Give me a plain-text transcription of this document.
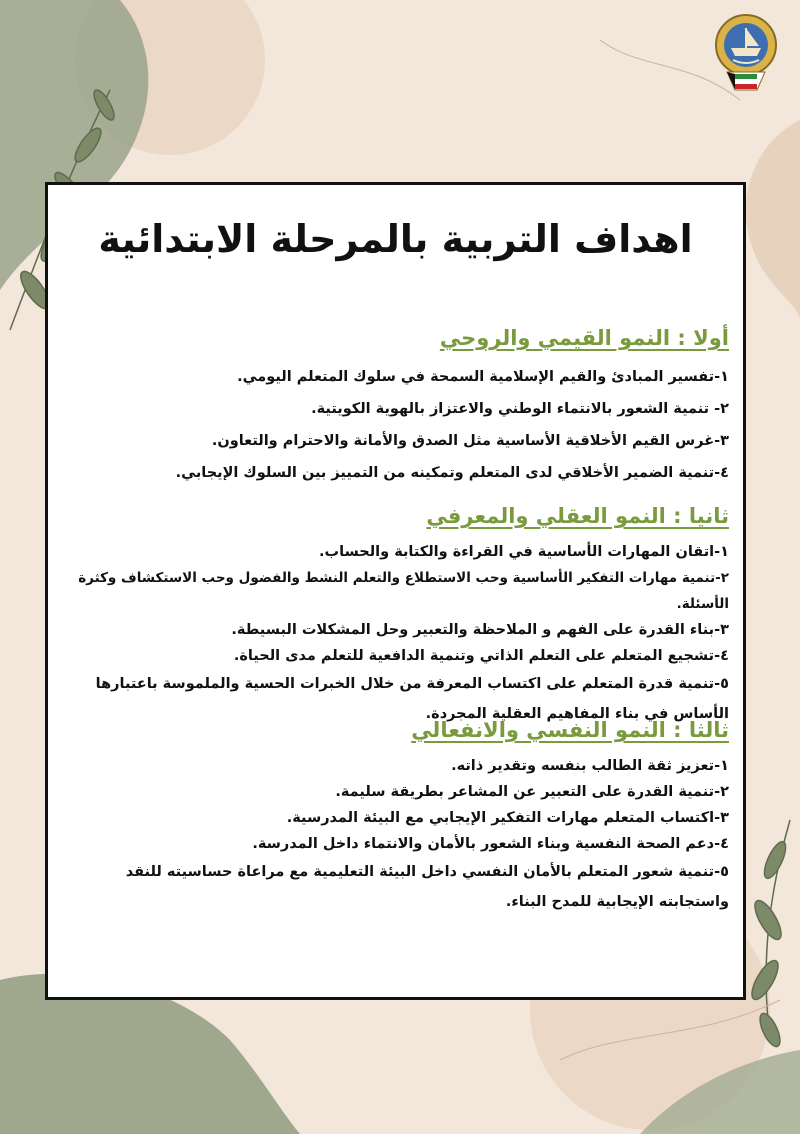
اهداف التربية بالمرحلة الابتدائية
أولا : النمو القيمي والروحي
١-تفسير المبادئ والقيم الإسلامية السمحة في سلوك المتعلم اليومي.
٢- تنمية الشعور بالانتماء الوطني والاعتزاز بالهوية الكويتية.
٣-غرس القيم الأخلاقية الأساسية مثل الصدق والأمانة والاحترام والتعاون.
٤-تنمية الضمير الأخلاقي لدى المتعلم وتمكينه من التمييز بين السلوك الإيجابي.
ثانيا : النمو العقلي والمعرفي
١-اتقان المهارات الأساسية في القراءة والكتابة والحساب.
٢-تنمية مهارات التفكير الأساسية وحب الاستطلاع والتعلم النشط والفضول وحب الاستكشاف وكثرة الأسئلة.
٣-بناء القدرة على الفهم و الملاحظة والتعبير وحل المشكلات البسيطة.
٤-تشجيع المتعلم على التعلم الذاتي وتنمية الدافعية للتعلم مدى الحياة.
٥-تنمية قدرة المتعلم على اكتساب المعرفة من خلال الخبرات الحسية والملموسة باعتبارها الأساس في بناء المفاهيم العقلية المجردة.
ثالثا : النمو النفسي والانفعالي
١-تعزيز ثقة الطالب بنفسه وتقدير ذاته.
٢-تنمية القدرة على التعبير عن المشاعر بطريقة سليمة.
٣-اكتساب المتعلم مهارات التفكير الإيجابي مع البيئة المدرسية.
٤-دعم الصحة النفسية وبناء الشعور بالأمان والانتماء داخل المدرسة.
٥-تنمية شعور المتعلم بالأمان النفسي داخل البيئة التعليمية مع مراعاة حساسيته للنقد واستجابته الإيجابية للمدح البناء.
